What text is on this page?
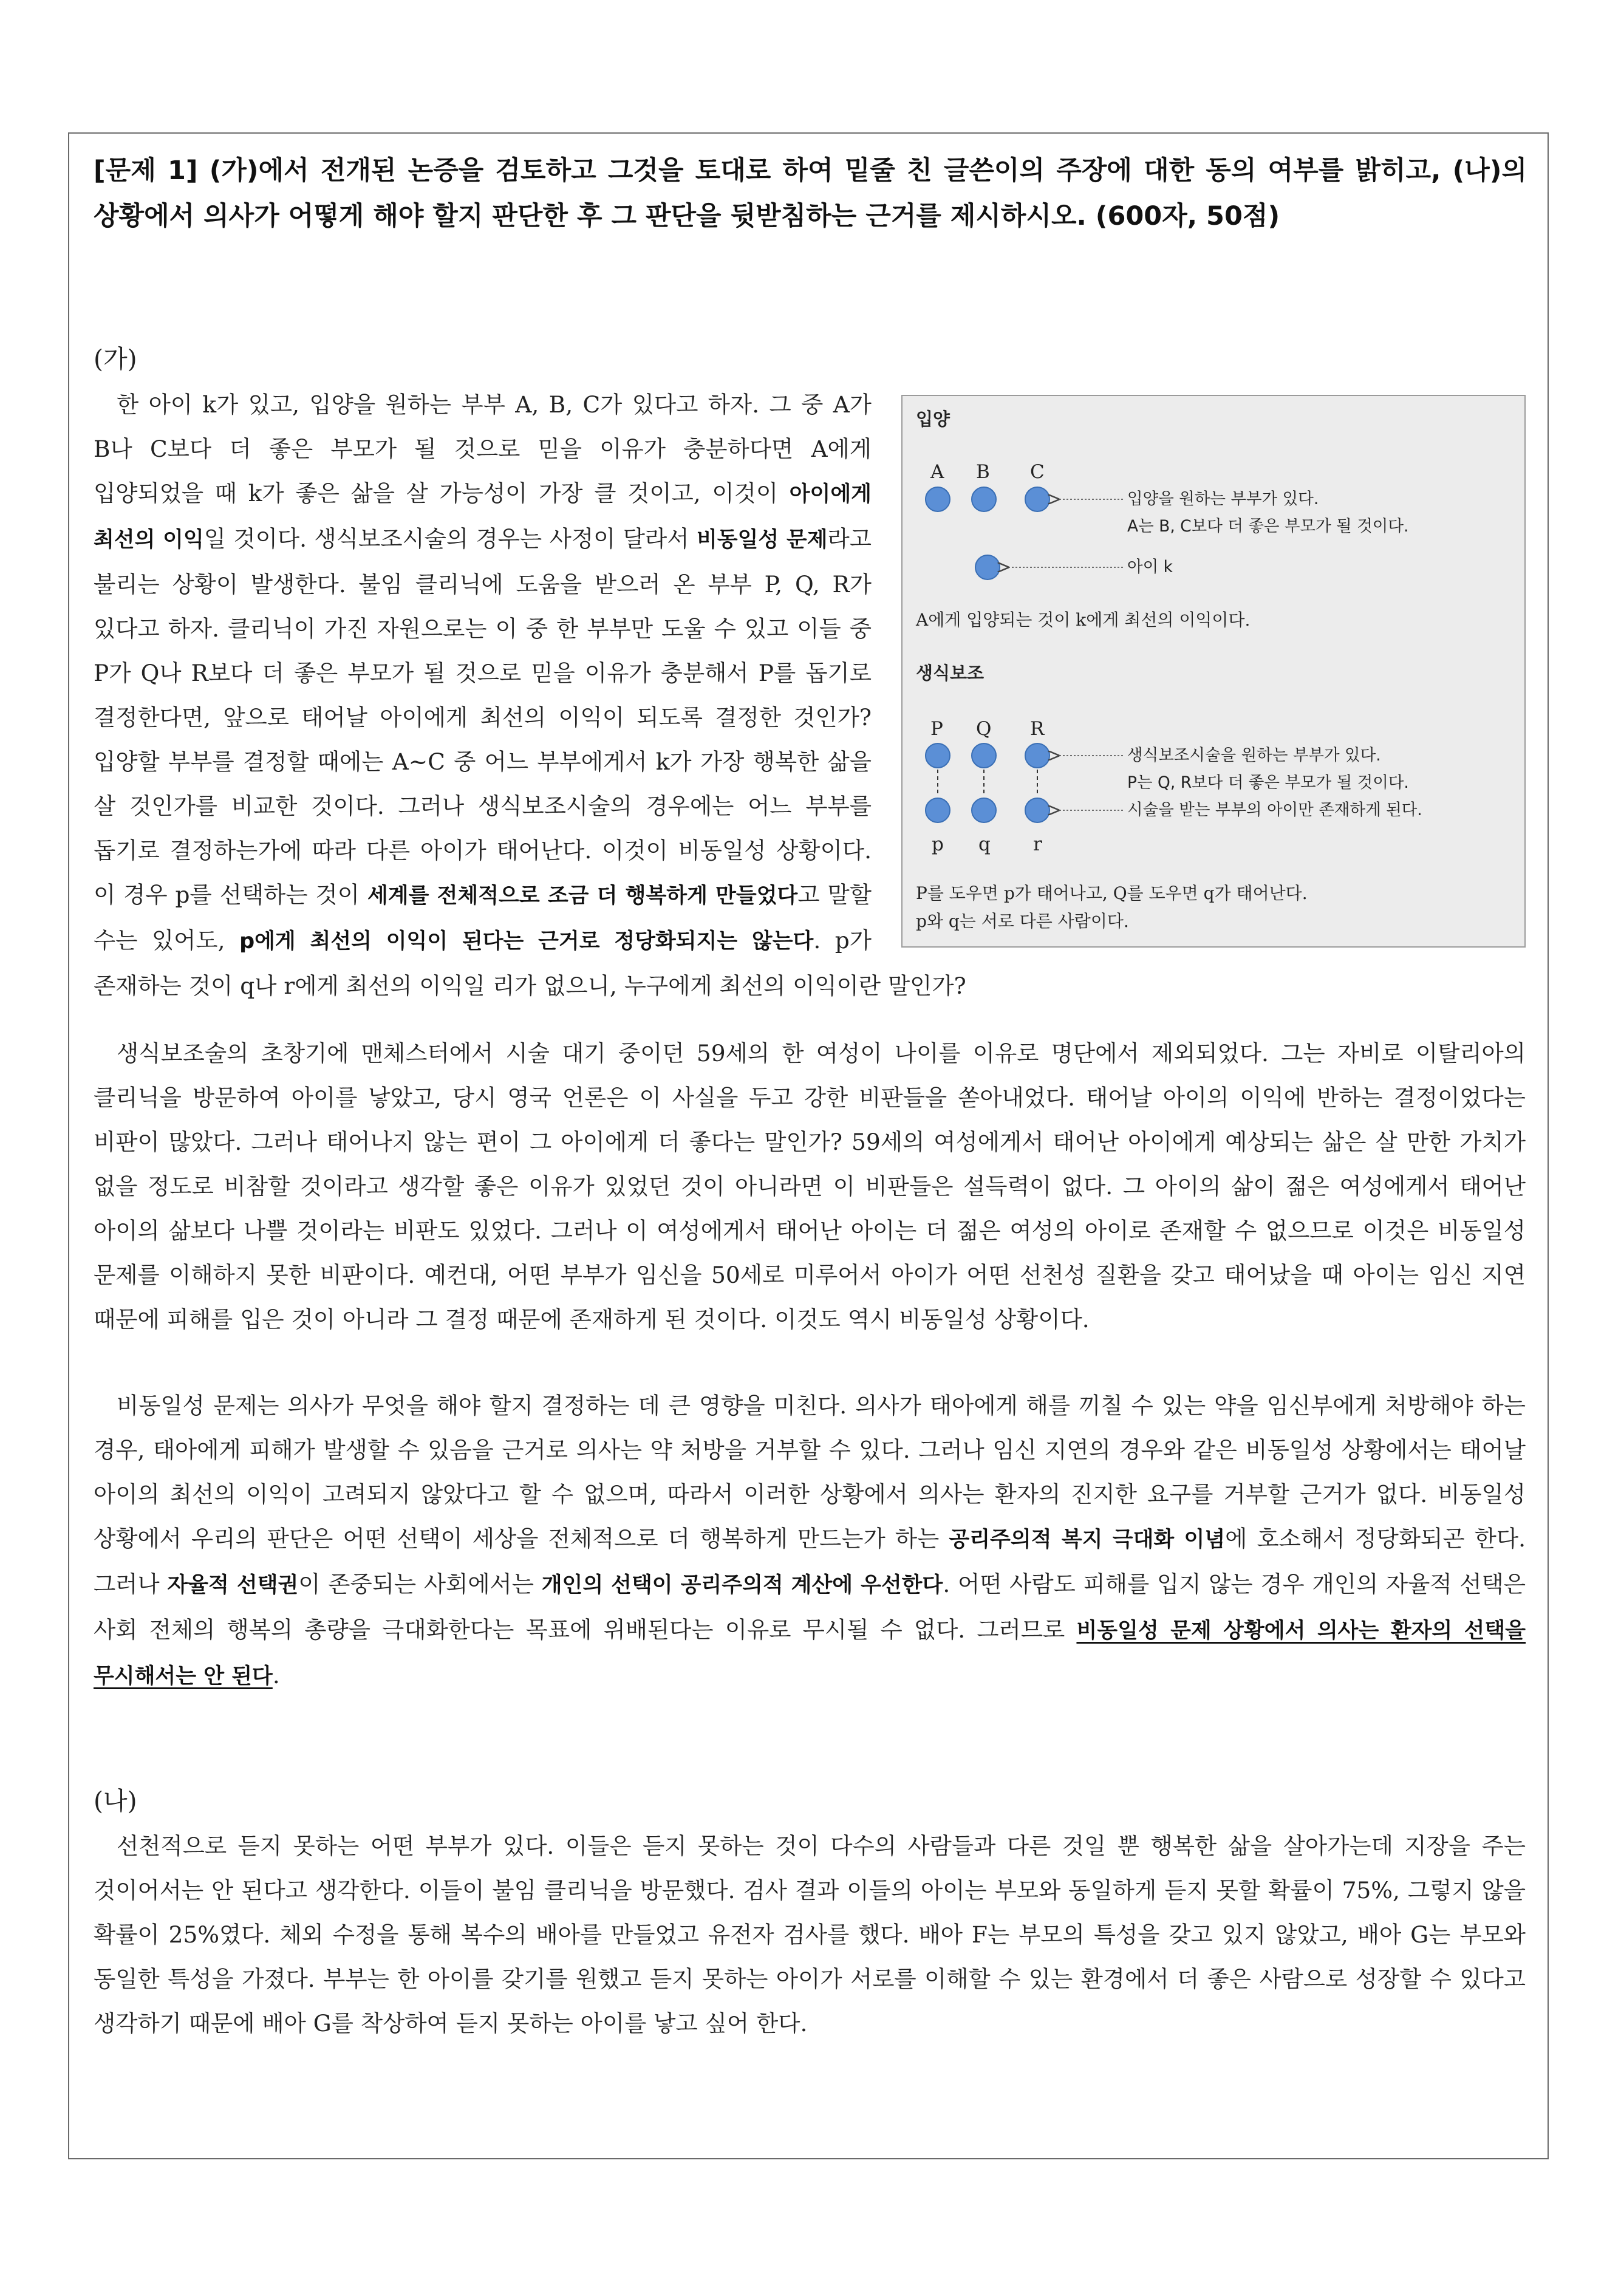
[문제 1] (가)에서 전개된 논증을 검토하고 그것을 토대로 하여 밑줄 친 글쓴이의 주장에 대한 동의 여부를 밝히고, (나)의 상황에서 의사가 어떻게 해야 할지 판단한 후 그 판단을 뒷받침하는 근거를 제시하시오. (600자, 50점)
(가)
한 아이 k가 있고, 입양을 원하는 부부 A, B, C가 있다고 하자. 그 중 A가 B나 C보다 더 좋은 부모가 될 것으로 믿을 이유가 충분하다면 A에게 입양되었을 때 k가 좋은 삶을 살 가능성이 가장 클 것이고, 이것이 아이에게 최선의 이익일 것이다. 생식보조시술의 경우는 사정이 달라서 비동일성 문제라고 불리는 상황이 발생한다. 불임 클리닉에 도움을 받으러 온 부부 P, Q, R가 있다고 하자. 클리닉이 가진 자원으로는 이 중 한 부부만 도울 수 있고 이들 중 P가 Q나 R보다 더 좋은 부모가 될 것으로 믿을 이유가 충분해서 P를 돕기로 결정한다면, 앞으로 태어날 아이에게 최선의 이익이 되도록 결정한 것인가? 입양할 부부를 결정할 때에는 A~C 중 어느 부부에게서 k가 가장 행복한 삶을 살 것인가를 비교한 것이다. 그러나 생식보조시술의 경우에는 어느 부부를 돕기로 결정하는가에 따라 다른 아이가 태어난다. 이것이 비동일성 상황이다. 이 경우 p를 선택하는 것이 세계를 전체적으로 조금 더 행복하게 만들었다고 말할 수는 있어도, p에게 최선의 이익이 된다는 근거로 정당화되지는 않는다. p가 존재하는 것이 q나 r에게 최선의 이익일 리가 없으니, 누구에게 최선의 이익이란 말인가?
입양
A B C
입양을 원하는 부부가 있다.
A는 B, C보다 더 좋은 부모가 될 것이다.
아이 k
A에게 입양되는 것이 k에게 최선의 이익이다.
생식보조
P Q R
생식보조시술을 원하는 부부가 있다.
P는 Q, R보다 더 좋은 부모가 될 것이다.
시술을 받는 부부의 아이만 존재하게 된다.
p q r
P를 도우면 p가 태어나고, Q를 도우면 q가 태어난다.
p와 q는 서로 다른 사람이다.
생식보조술의 초창기에 맨체스터에서 시술 대기 중이던 59세의 한 여성이 나이를 이유로 명단에서 제외되었다. 그는 자비로 이탈리아의 클리닉을 방문하여 아이를 낳았고, 당시 영국 언론은 이 사실을 두고 강한 비판들을 쏟아내었다. 태어날 아이의 이익에 반하는 결정이었다는 비판이 많았다. 그러나 태어나지 않는 편이 그 아이에게 더 좋다는 말인가? 59세의 여성에게서 태어난 아이에게 예상되는 삶은 살 만한 가치가 없을 정도로 비참할 것이라고 생각할 좋은 이유가 있었던 것이 아니라면 이 비판들은 설득력이 없다. 그 아이의 삶이 젊은 여성에게서 태어난 아이의 삶보다 나쁠 것이라는 비판도 있었다. 그러나 이 여성에게서 태어난 아이는 더 젊은 여성의 아이로 존재할 수 없으므로 이것은 비동일성 문제를 이해하지 못한 비판이다. 예컨대, 어떤 부부가 임신을 50세로 미루어서 아이가 어떤 선천성 질환을 갖고 태어났을 때 아이는 임신 지연 때문에 피해를 입은 것이 아니라 그 결정 때문에 존재하게 된 것이다. 이것도 역시 비동일성 상황이다.
비동일성 문제는 의사가 무엇을 해야 할지 결정하는 데 큰 영향을 미친다. 의사가 태아에게 해를 끼칠 수 있는 약을 임신부에게 처방해야 하는 경우, 태아에게 피해가 발생할 수 있음을 근거로 의사는 약 처방을 거부할 수 있다. 그러나 임신 지연의 경우와 같은 비동일성 상황에서는 태어날 아이의 최선의 이익이 고려되지 않았다고 할 수 없으며, 따라서 이러한 상황에서 의사는 환자의 진지한 요구를 거부할 근거가 없다. 비동일성 상황에서 우리의 판단은 어떤 선택이 세상을 전체적으로 더 행복하게 만드는가 하는 공리주의적 복지 극대화 이념에 호소해서 정당화되곤 한다. 그러나 자율적 선택권이 존중되는 사회에서는 개인의 선택이 공리주의적 계산에 우선한다. 어떤 사람도 피해를 입지 않는 경우 개인의 자율적 선택은 사회 전체의 행복의 총량을 극대화한다는 목표에 위배된다는 이유로 무시될 수 없다. 그러므로 비동일성 문제 상황에서 의사는 환자의 선택을 무시해서는 안 된다.
(나)
선천적으로 듣지 못하는 어떤 부부가 있다. 이들은 듣지 못하는 것이 다수의 사람들과 다른 것일 뿐 행복한 삶을 살아가는데 지장을 주는 것이어서는 안 된다고 생각한다. 이들이 불임 클리닉을 방문했다. 검사 결과 이들의 아이는 부모와 동일하게 듣지 못할 확률이 75%, 그렇지 않을 확률이 25%였다. 체외 수정을 통해 복수의 배아를 만들었고 유전자 검사를 했다. 배아 F는 부모의 특성을 갖고 있지 않았고, 배아 G는 부모와 동일한 특성을 가졌다. 부부는 한 아이를 갖기를 원했고 듣지 못하는 아이가 서로를 이해할 수 있는 환경에서 더 좋은 사람으로 성장할 수 있다고 생각하기 때문에 배아 G를 착상하여 듣지 못하는 아이를 낳고 싶어 한다.
